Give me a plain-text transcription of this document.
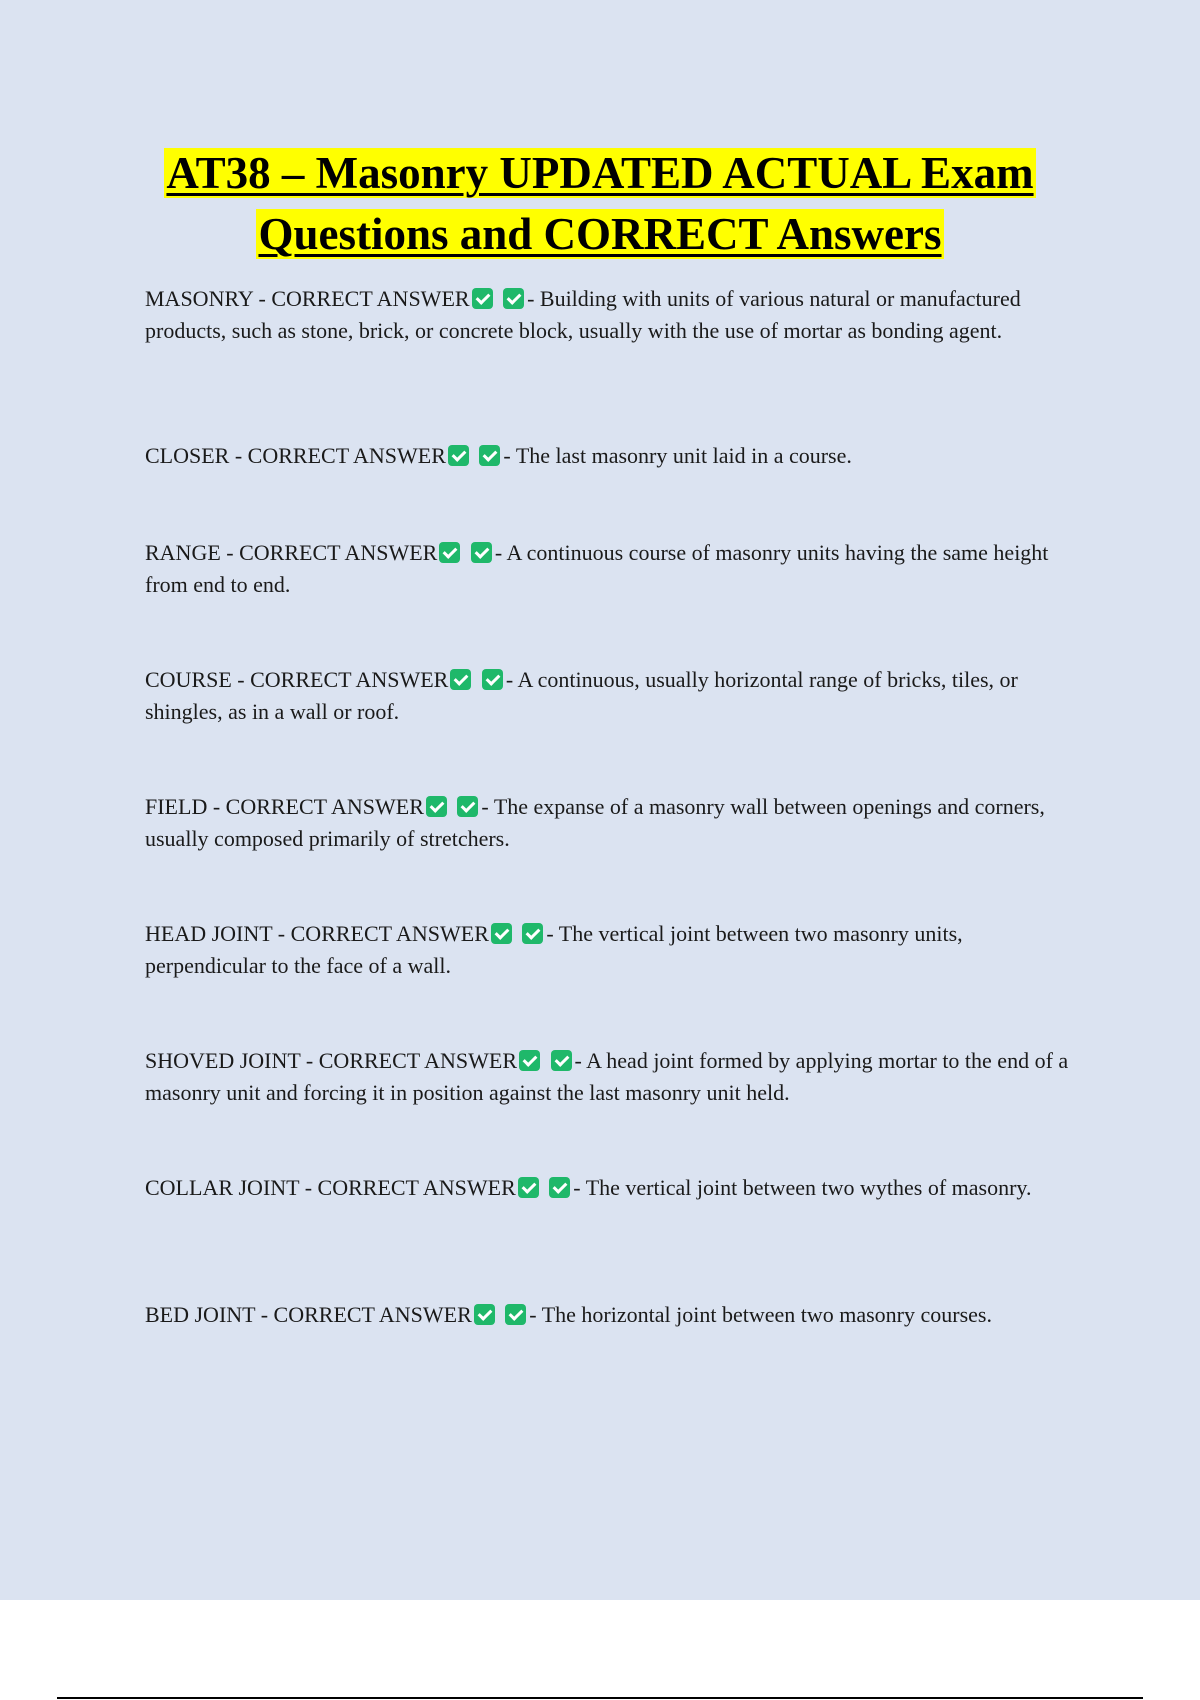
AT38 – Masonry UPDATED ACTUAL Exam
Questions and CORRECT Answers

MASONRY - CORRECT ANSWER	- Building with units of various natural or manufactured products, such as stone, brick, or concrete block, usually with the use of mortar as bonding agent.

CLOSER - CORRECT ANSWER	- The last masonry unit laid in a course.

RANGE - CORRECT ANSWER	- A continuous course of masonry units having the same height from end to end.

COURSE - CORRECT ANSWER	- A continuous, usually horizontal range of bricks, tiles, or shingles, as in a wall or roof.

FIELD - CORRECT ANSWER	- The expanse of a masonry wall between openings and corners, usually composed primarily of stretchers.

HEAD JOINT - CORRECT ANSWER	- The vertical joint between two masonry units, perpendicular to the face of a wall.

SHOVED JOINT - CORRECT ANSWER	- A head joint formed by applying mortar to the end of a masonry unit and forcing it in position against the last masonry unit held.

COLLAR JOINT - CORRECT ANSWER	- The vertical joint between two wythes of masonry.

BED JOINT - CORRECT ANSWER	- The horizontal joint between two masonry courses.
